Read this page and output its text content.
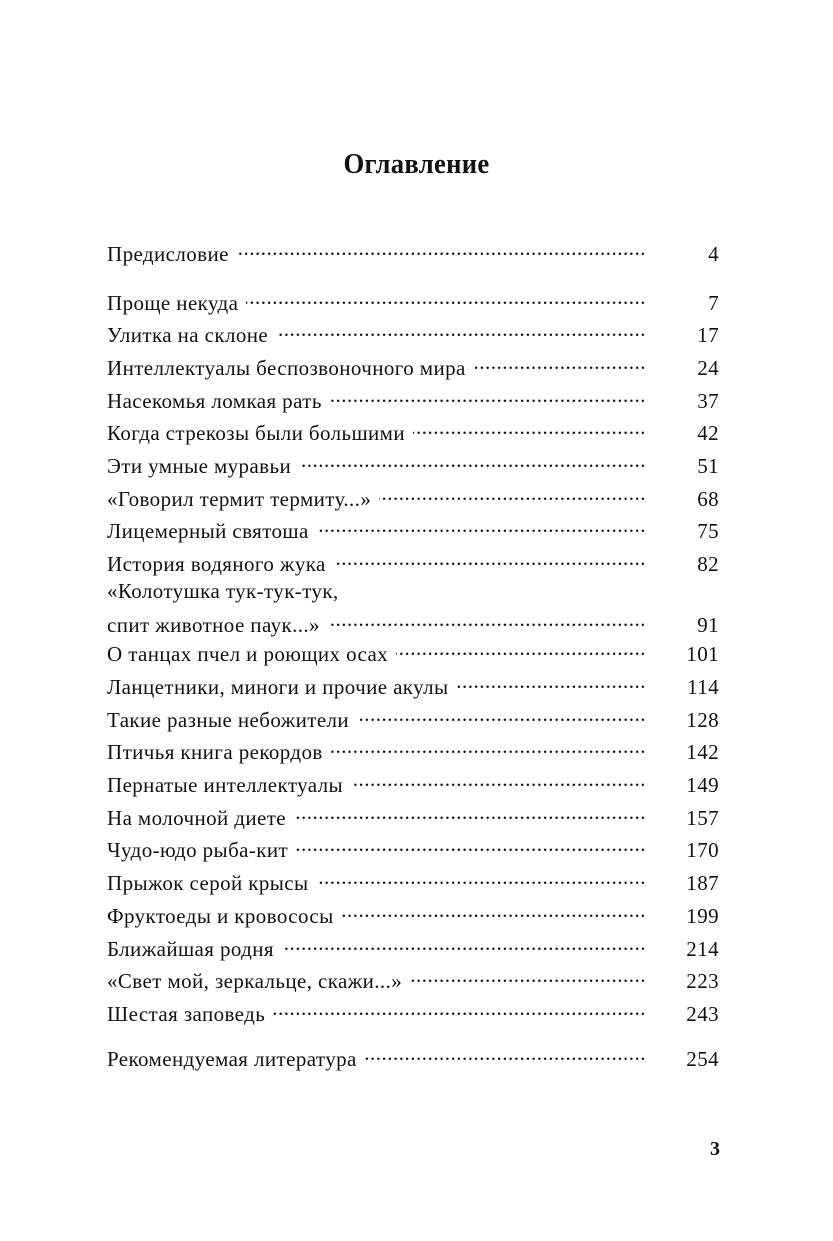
Оглавление
Предисловие .....	4
Проще некуда .....	7
Улитка на склоне .....	17
Интеллектуалы беспозвоночного мира .....	24
Насекомья ломкая рать .....	37
Когда стрекозы были большими .....	42
Эти умные муравьи .....	51
«Говорил термит термиту...» .....	68
Лицемерный святоша .....	75
История водяного жука .....	82
«Колотушка тук-тук-тук,
спит животное паук...» .....	91
О танцах пчел и роющих осах .....	101
Ланцетники, миноги и прочие акулы .....	114
Такие разные небожители .....	128
Птичья книга рекордов .....	142
Пернатые интеллектуалы .....	149
На молочной диете .....	157
Чудо-юдо рыба-кит .....	170
Прыжок серой крысы .....	187
Фруктоеды и кровососы .....	199
Ближайшая родня .....	214
«Свет мой, зеркальце, скажи...» .....	223
Шестая заповедь .....	243
Рекомендуемая литература .....	254
3
